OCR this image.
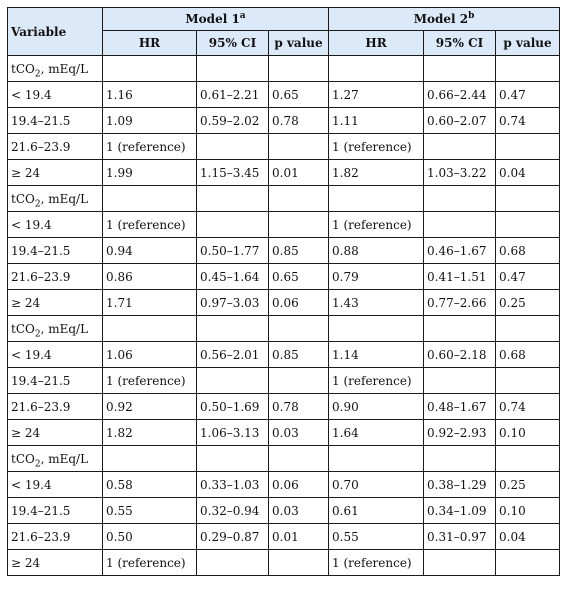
Variable	Model 1$^a$			Model 2$^b$
	HR	95% CI	p value	HR	95% CI	p value
tCO$_2$, mEq/L						
< 19.4	1.16	0.61–2.21	0.65	1.27	0.66–2.44	0.47
19.4–21.5	1.09	0.59–2.02	0.78	1.11	0.60–2.07	0.74
21.6–23.9	1 (reference)			1 (reference)		
≥ 24	1.99	1.15–3.45	0.01	1.82	1.03–3.22	0.04
tCO$_2$, mEq/L						
< 19.4	1 (reference)			1 (reference)		
19.4–21.5	0.94	0.50–1.77	0.85	0.88	0.46–1.67	0.68
21.6–23.9	0.86	0.45–1.64	0.65	0.79	0.41–1.51	0.47
≥ 24	1.71	0.97–3.03	0.06	1.43	0.77–2.66	0.25
tCO$_2$, mEq/L						
< 19.4	1.06	0.56–2.01	0.85	1.14	0.60–2.18	0.68
19.4–21.5	1 (reference)			1 (reference)		
21.6–23.9	0.92	0.50–1.69	0.78	0.90	0.48–1.67	0.74
≥ 24	1.82	1.06–3.13	0.03	1.64	0.92–2.93	0.10
tCO$_2$, mEq/L						
< 19.4	0.58	0.33–1.03	0.06	0.70	0.38–1.29	0.25
19.4–21.5	0.55	0.32–0.94	0.03	0.61	0.34–1.09	0.10
21.6–23.9	0.50	0.29–0.87	0.01	0.55	0.31–0.97	0.04
≥ 24	1 (reference)			1 (reference)		
